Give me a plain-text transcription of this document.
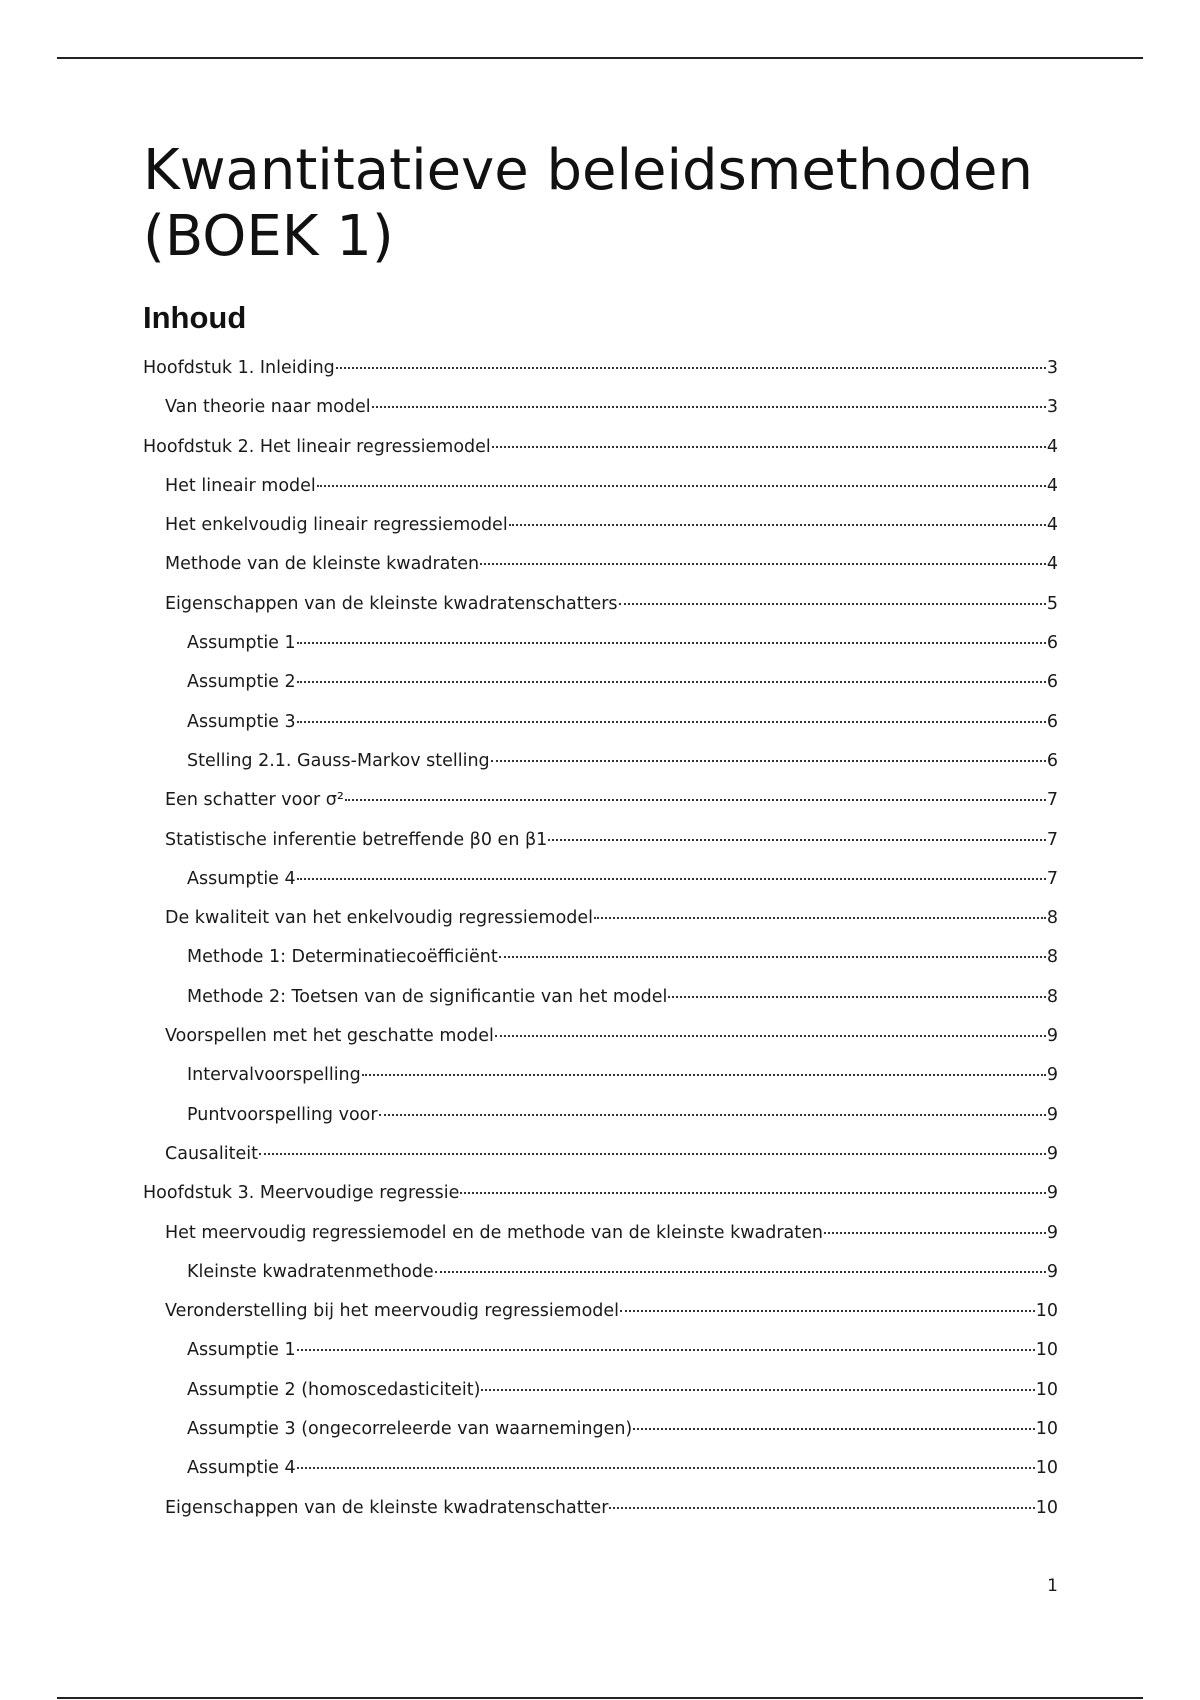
Kwantitatieve beleidsmethoden (BOEK 1)
Inhoud
Hoofdstuk 1. Inleiding	3
Van theorie naar model	3
Hoofdstuk 2. Het lineair regressiemodel	4
Het lineair model	4
Het enkelvoudig lineair regressiemodel	4
Methode van de kleinste kwadraten	4
Eigenschappen van de kleinste kwadratenschatters	5
Assumptie 1	6
Assumptie 2	6
Assumptie 3	6
Stelling 2.1. Gauss-Markov stelling	6
Een schatter voor σ²	7
Statistische inferentie betreffende β0 en β1	7
Assumptie 4	7
De kwaliteit van het enkelvoudig regressiemodel	8
Methode 1: Determinatiecoëfficiënt	8
Methode 2: Toetsen van de significantie van het model	8
Voorspellen met het geschatte model	9
Intervalvoorspelling	9
Puntvoorspelling voor	9
Causaliteit	9
Hoofdstuk 3. Meervoudige regressie	9
Het meervoudig regressiemodel en de methode van de kleinste kwadraten	9
Kleinste kwadratenmethode	9
Veronderstelling bij het meervoudig regressiemodel	10
Assumptie 1	10
Assumptie 2 (homoscedasticiteit)	10
Assumptie 3 (ongecorreleerde van waarnemingen)	10
Assumptie 4	10
Eigenschappen van de kleinste kwadratenschatter	10
1
